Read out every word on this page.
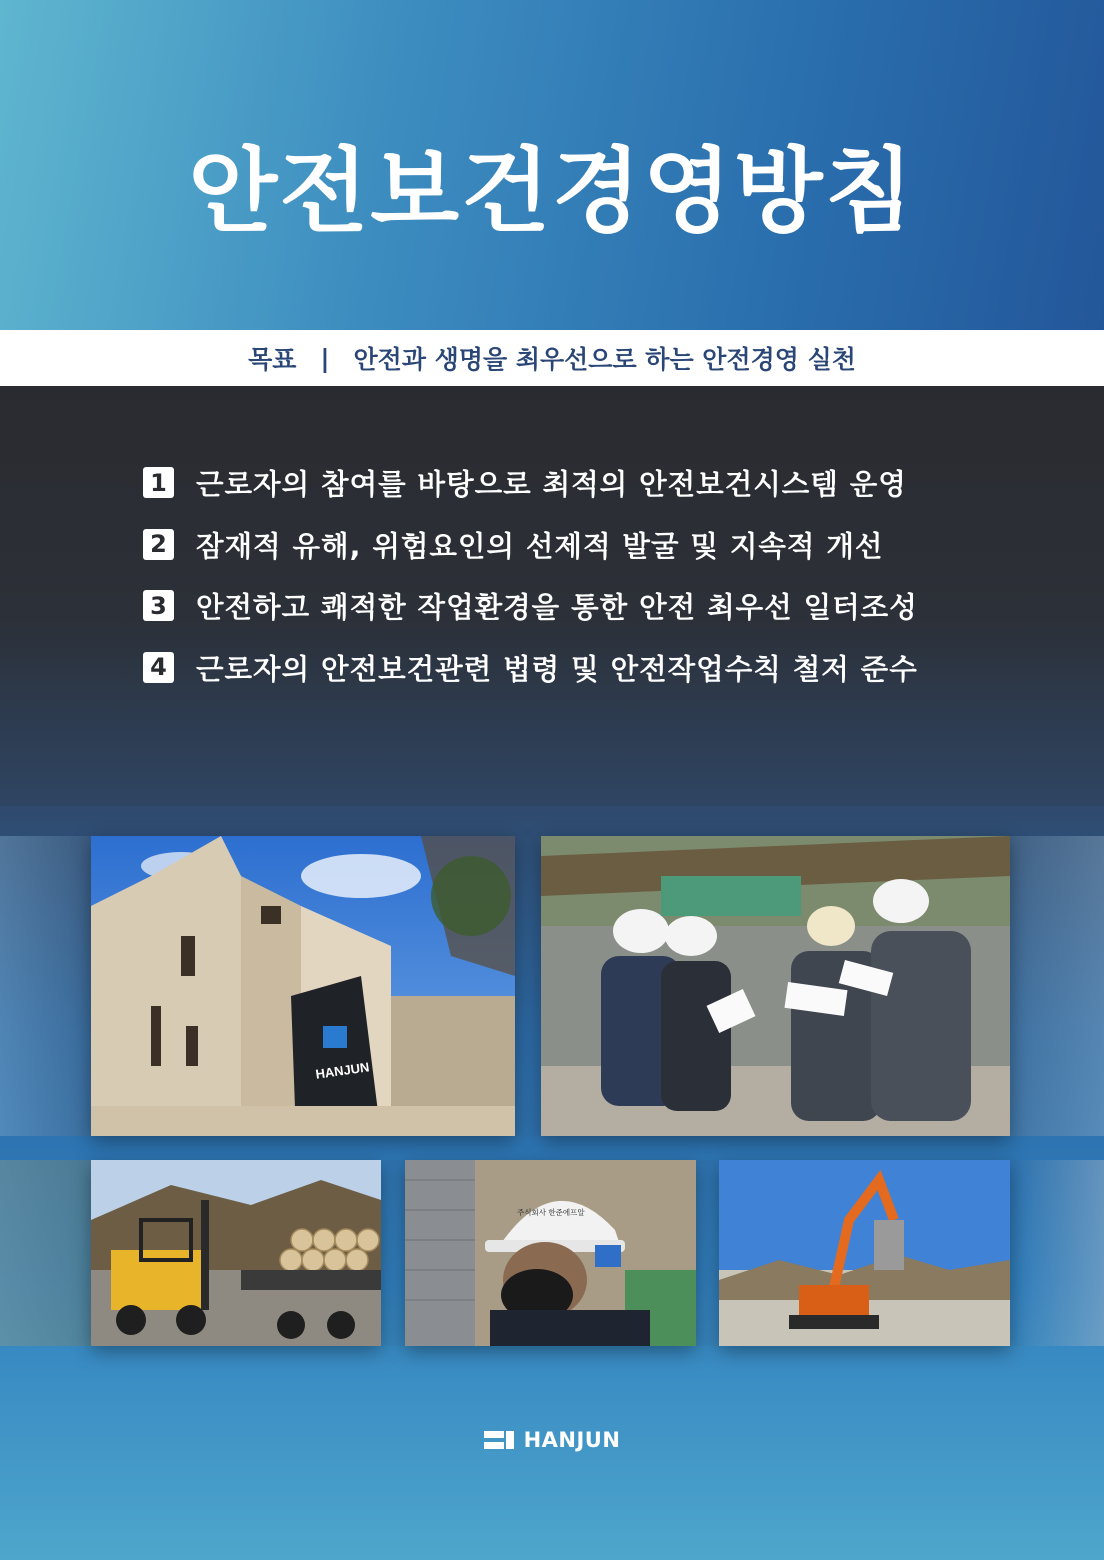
안전보건경영방침
목표 | 안전과 생명을 최우선으로 하는 안전경영 실천
1 근로자의 참여를 바탕으로 최적의 안전보건시스템 운영
2 잠재적 유해, 위험요인의 선제적 발굴 및 지속적 개선
3 안전하고 쾌적한 작업환경을 통한 안전 최우선 일터조성
4 근로자의 안전보건관련 법령 및 안전작업수칙 철저 준수
HANJUN
주식회사 한준에프알
HANJUN
